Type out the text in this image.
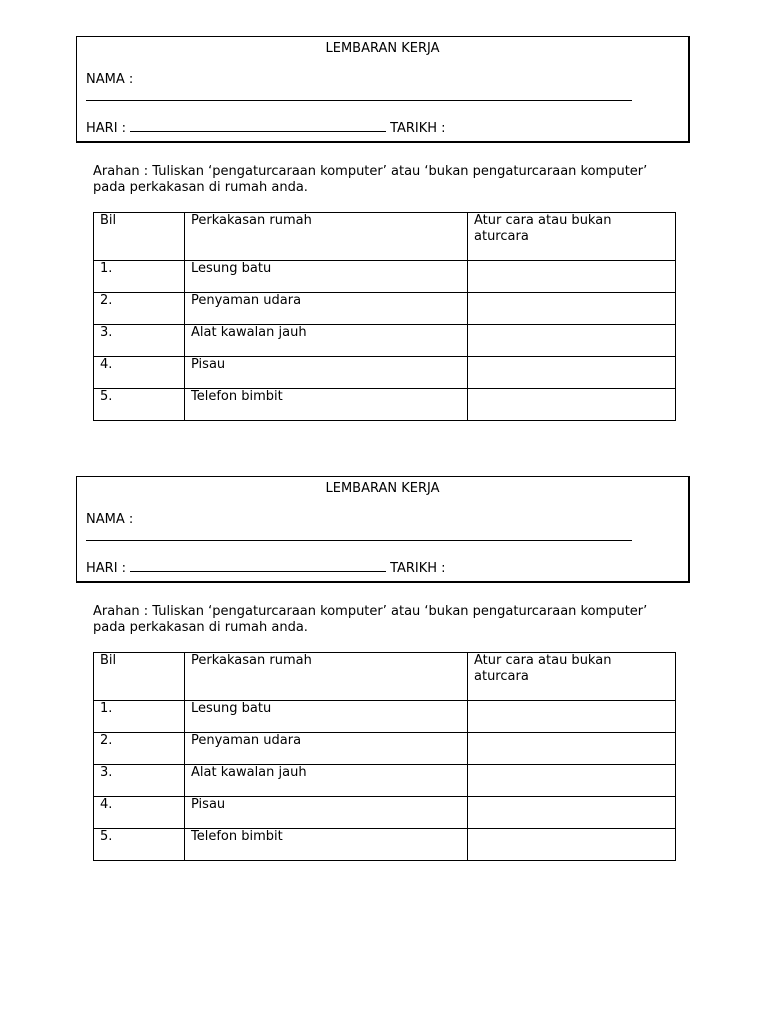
LEMBARAN KERJA
NAMA :
HARI :	TARIKH :
Arahan : Tuliskan ‘pengaturcaraan komputer’ atau ‘bukan pengaturcaraan komputer’ pada perkakasan di rumah anda.
Bil	Perkakasan rumah	Atur cara atau bukan aturcara
1.	Lesung batu	
2.	Penyaman udara	
3.	Alat kawalan jauh	
4.	Pisau	
5.	Telefon bimbit	
LEMBARAN KERJA
NAMA :
HARI :	TARIKH :
Arahan : Tuliskan ‘pengaturcaraan komputer’ atau ‘bukan pengaturcaraan komputer’ pada perkakasan di rumah anda.
Bil	Perkakasan rumah	Atur cara atau bukan aturcara
1.	Lesung batu	
2.	Penyaman udara	
3.	Alat kawalan jauh	
4.	Pisau	
5.	Telefon bimbit	
